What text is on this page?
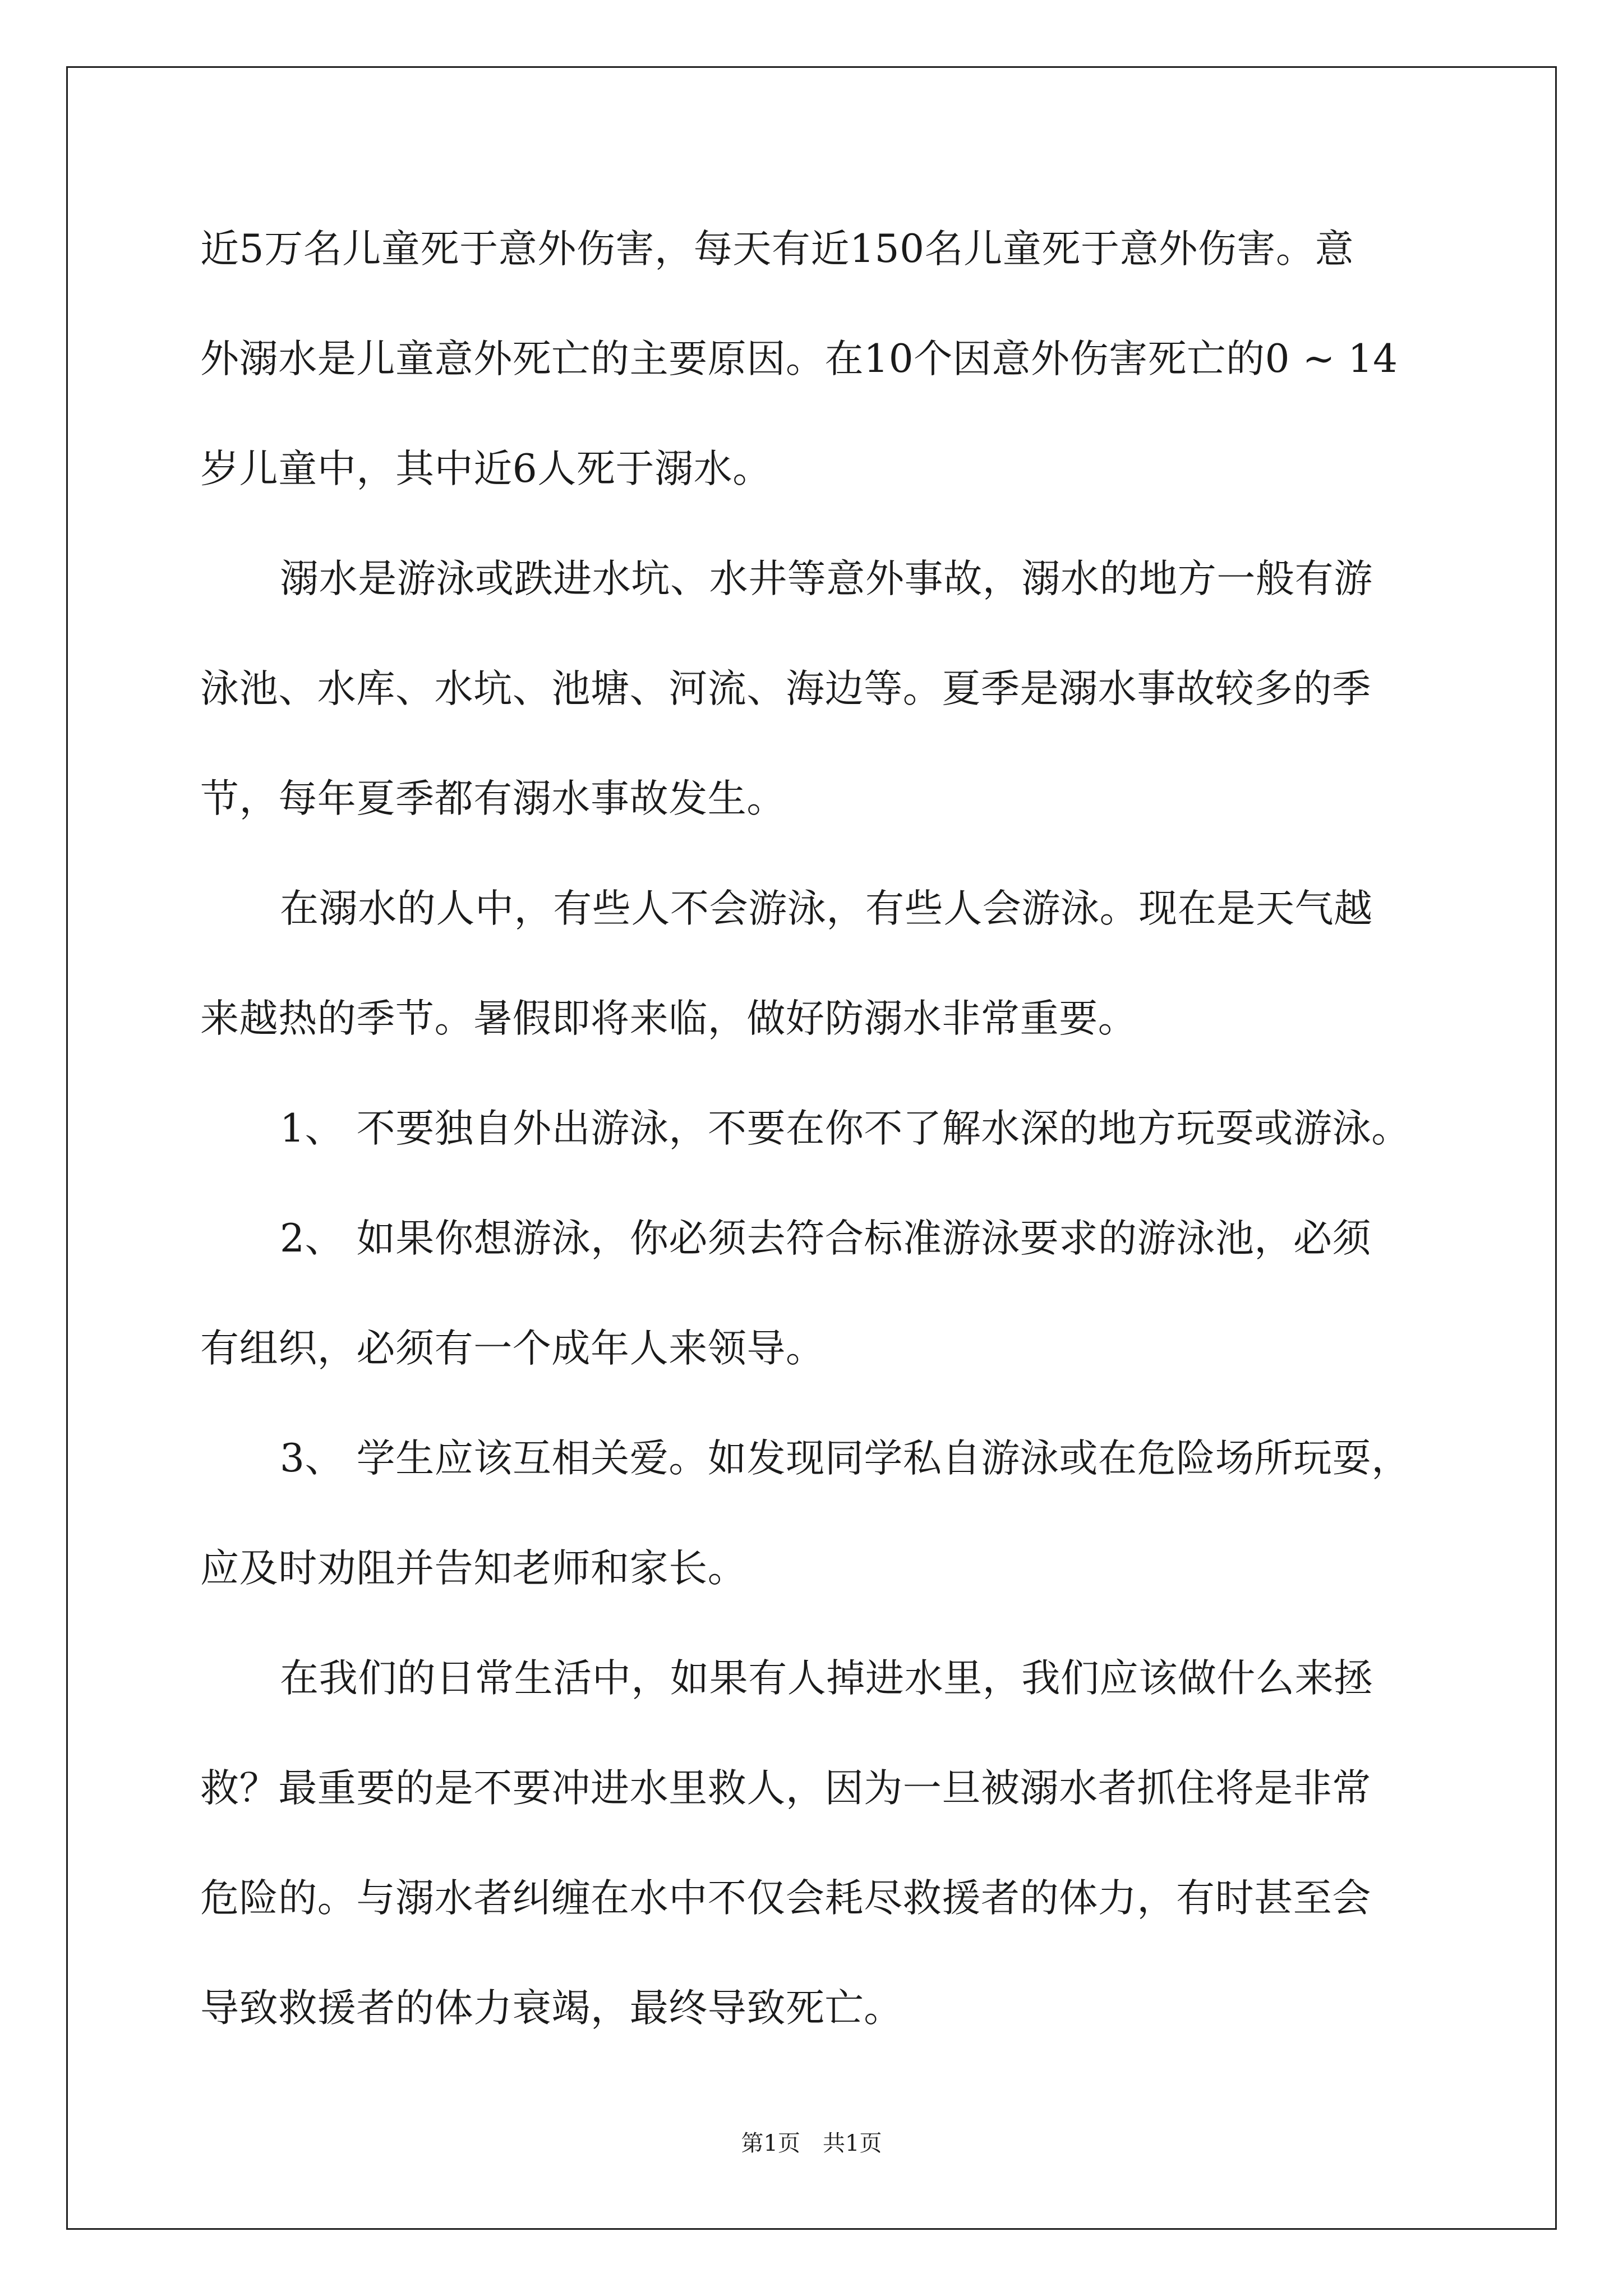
近5万名儿童死于意外伤害，每天有近150名儿童死于意外伤害。意
外溺水是儿童意外死亡的主要原因。在10个因意外伤害死亡的0 ~ 14
岁儿童中，其中近6人死于溺水。
溺水是游泳或跌进水坑、水井等意外事故，溺水的地方一般有游
泳池、水库、水坑、池塘、河流、海边等。夏季是溺水事故较多的季
节，每年夏季都有溺水事故发生。
在溺水的人中，有些人不会游泳，有些人会游泳。现在是天气越
来越热的季节。暑假即将来临，做好防溺水非常重要。
1、 不要独自外出游泳，不要在你不了解水深的地方玩耍或游泳。
2、 如果你想游泳，你必须去符合标准游泳要求的游泳池，必须
有组织，必须有一个成年人来领导。
3、 学生应该互相关爱。如发现同学私自游泳或在危险场所玩耍，
应及时劝阻并告知老师和家长。
在我们的日常生活中，如果有人掉进水里，我们应该做什么来拯
救？最重要的是不要冲进水里救人，因为一旦被溺水者抓住将是非常
危险的。与溺水者纠缠在水中不仅会耗尽救援者的体力，有时甚至会
导致救援者的体力衰竭，最终导致死亡。
第1页　共1页
